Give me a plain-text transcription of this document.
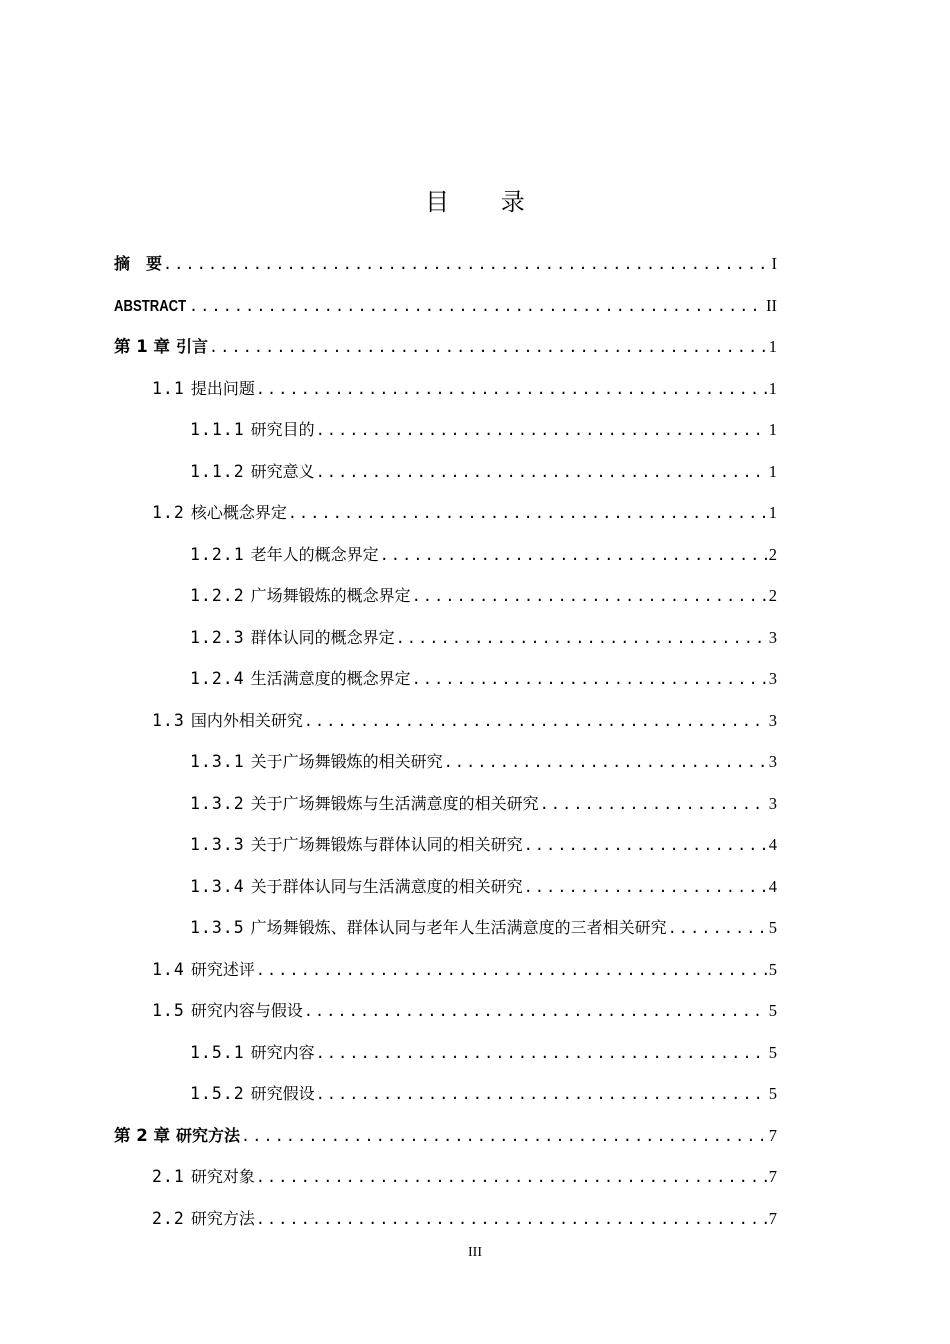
目 录
摘　要 .....	I
ABSTRACT .....	II
第 1 章 引言 .....	1
1.1 提出问题 .....	1
1.1.1 研究目的 .....	1
1.1.2 研究意义 .....	1
1.2 核心概念界定 .....	1
1.2.1 老年人的概念界定 .....	2
1.2.2 广场舞锻炼的概念界定 .....	2
1.2.3 群体认同的概念界定 .....	3
1.2.4 生活满意度的概念界定 .....	3
1.3 国内外相关研究 .....	3
1.3.1 关于广场舞锻炼的相关研究 .....	3
1.3.2 关于广场舞锻炼与生活满意度的相关研究 .....	3
1.3.3 关于广场舞锻炼与群体认同的相关研究 .....	4
1.3.4 关于群体认同与生活满意度的相关研究 .....	4
1.3.5 广场舞锻炼、群体认同与老年人生活满意度的三者相关研究 .....	5
1.4 研究述评 .....	5
1.5 研究内容与假设 .....	5
1.5.1 研究内容 .....	5
1.5.2 研究假设 .....	5
第 2 章 研究方法 .....	7
2.1 研究对象 .....	7
2.2 研究方法 .....	7
III
